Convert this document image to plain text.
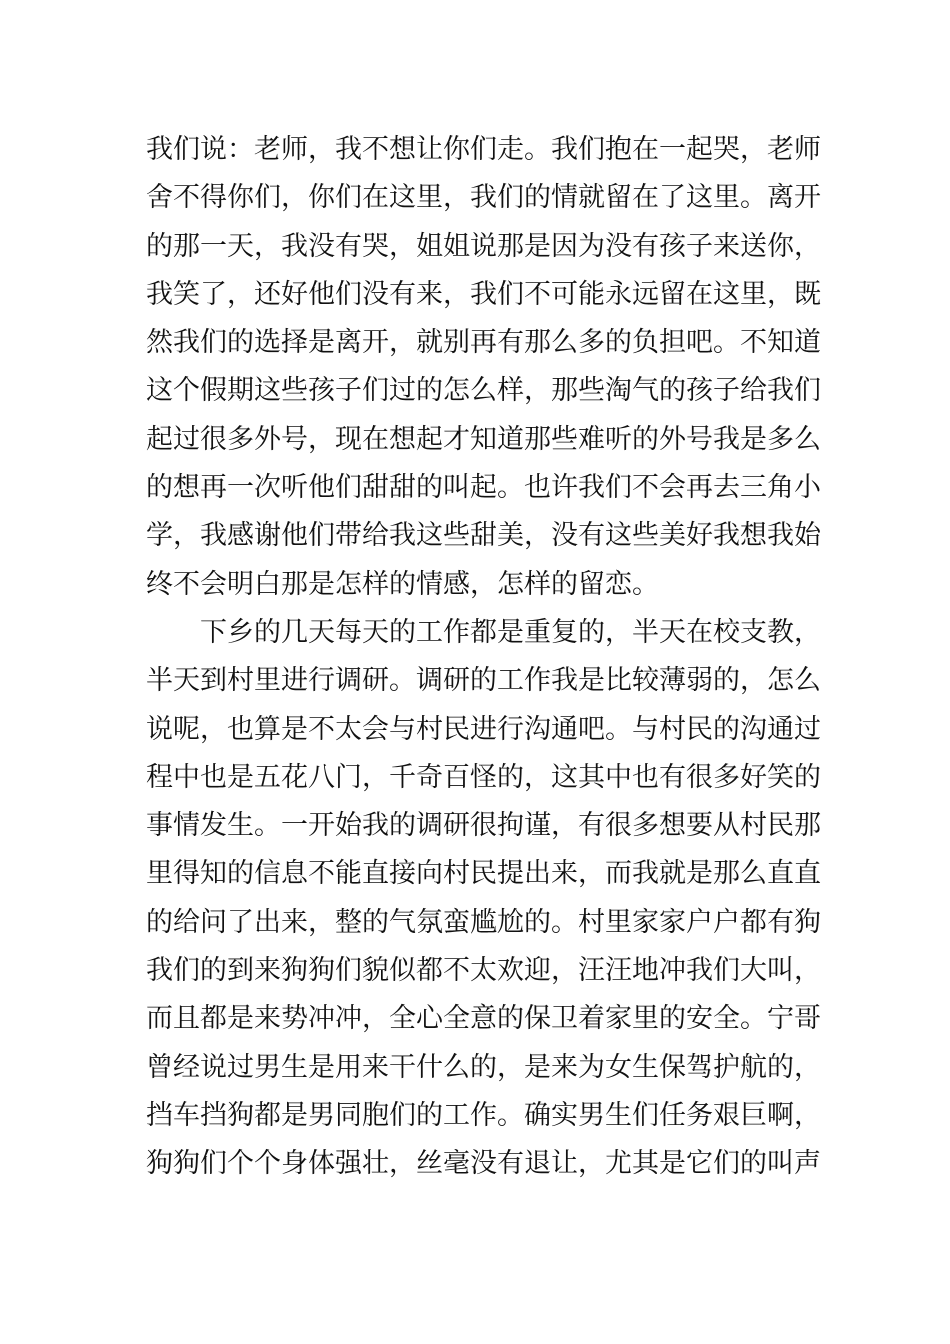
我们说：老师，我不想让你们走。我们抱在一起哭，老师
舍不得你们，你们在这里，我们的情就留在了这里。离开
的那一天，我没有哭，姐姐说那是因为没有孩子来送你，
我笑了，还好他们没有来，我们不可能永远留在这里，既
然我们的选择是离开，就别再有那么多的负担吧。不知道
这个假期这些孩子们过的怎么样，那些淘气的孩子给我们
起过很多外号，现在想起才知道那些难听的外号我是多么
的想再一次听他们甜甜的叫起。也许我们不会再去三角小
学，我感谢他们带给我这些甜美，没有这些美好我想我始
终不会明白那是怎样的情感，怎样的留恋。
下乡的几天每天的工作都是重复的，半天在校支教，
半天到村里进行调研。调研的工作我是比较薄弱的，怎么
说呢，也算是不太会与村民进行沟通吧。与村民的沟通过
程中也是五花八门，千奇百怪的，这其中也有很多好笑的
事情发生。一开始我的调研很拘谨，有很多想要从村民那
里得知的信息不能直接向村民提出来，而我就是那么直直
的给问了出来，整的气氛蛮尴尬的。村里家家户户都有狗
我们的到来狗狗们貌似都不太欢迎，汪汪地冲我们大叫，
而且都是来势冲冲，全心全意的保卫着家里的安全。宁哥
曾经说过男生是用来干什么的，是来为女生保驾护航的，
挡车挡狗都是男同胞们的工作。确实男生们任务艰巨啊，
狗狗们个个身体强壮，丝毫没有退让，尤其是它们的叫声
